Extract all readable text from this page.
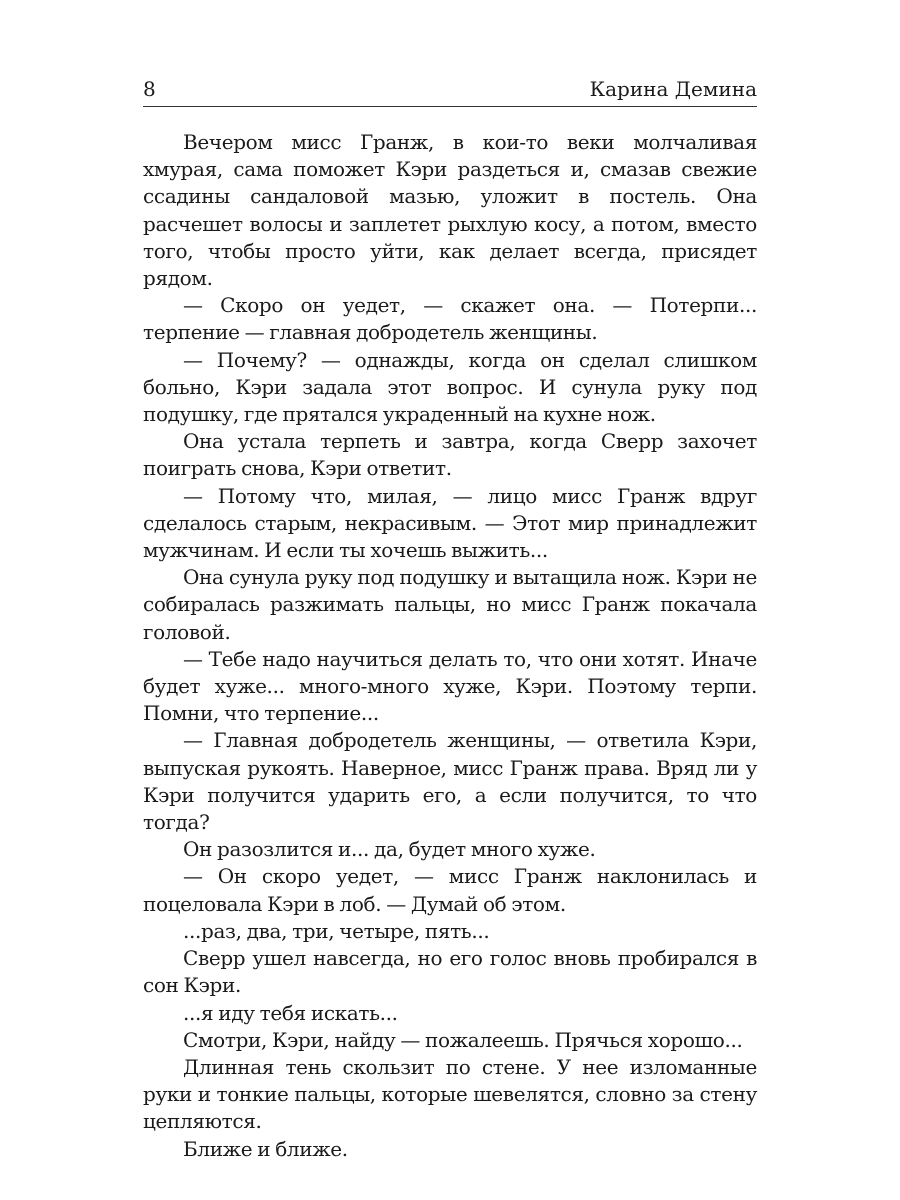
8	Карина Демина

Вечером мисс Гранж, в кои-то веки молчаливая хмурая, сама поможет Кэри раздеться и, смазав свежие ссадины сандаловой мазью, уложит в постель. Она расчешет волосы и заплетет рыхлую косу, а потом, вместо того, чтобы просто уйти, как делает всегда, присядет рядом.

— Скоро он уедет, — скажет она. — Потерпи... терпение — главная добродетель женщины.

— Почему? — однажды, когда он сделал слишком больно, Кэри задала этот вопрос. И сунула руку под подушку, где прятался украденный на кухне нож.

Она устала терпеть и завтра, когда Сверр захочет поиграть снова, Кэри ответит.

— Потому что, милая, — лицо мисс Гранж вдруг сделалось старым, некрасивым. — Этот мир принадлежит мужчинам. И если ты хочешь выжить...

Она сунула руку под подушку и вытащила нож. Кэри не собиралась разжимать пальцы, но мисс Гранж покачала головой.

— Тебе надо научиться делать то, что они хотят. Иначе будет хуже... много-много хуже, Кэри. Поэтому терпи. Помни, что терпение...

— Главная добродетель женщины, — ответила Кэри, выпуская рукоять. Наверное, мисс Гранж права. Вряд ли у Кэри получится ударить его, а если получится, то что тогда?

Он разозлится и... да, будет много хуже.

— Он скоро уедет, — мисс Гранж наклонилась и поцеловала Кэри в лоб. — Думай об этом.

...раз, два, три, четыре, пять...

Сверр ушел навсегда, но его голос вновь пробирался в сон Кэри.

...я иду тебя искать...

Смотри, Кэри, найду — пожалеешь. Прячься хорошо...

Длинная тень скользит по стене. У нее изломанные руки и тонкие пальцы, которые шевелятся, словно за стену цепляются.

Ближе и ближе.
